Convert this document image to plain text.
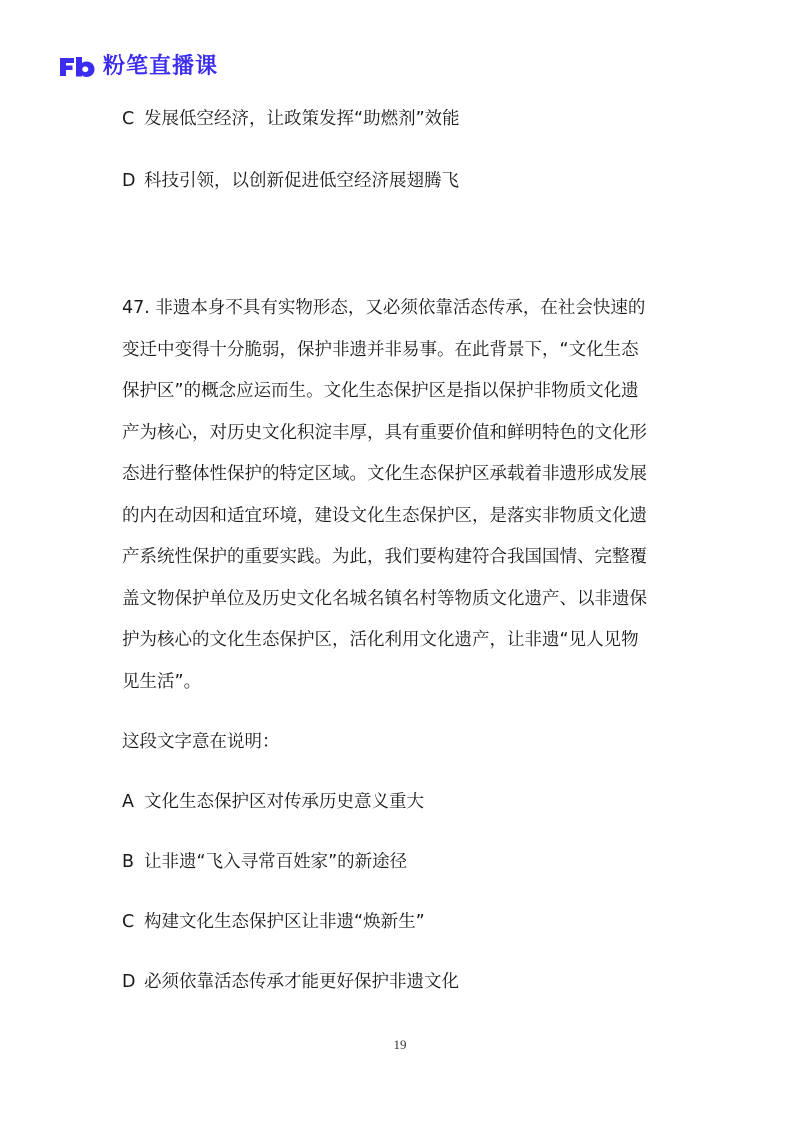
粉笔直播课
C 发展低空经济，让政策发挥“助燃剂”效能
D 科技引领，以创新促进低空经济展翅腾飞
47. 非遗本身不具有实物形态，又必须依靠活态传承，在社会快速的
变迁中变得十分脆弱，保护非遗并非易事。在此背景下，“文化生态
保护区”的概念应运而生。文化生态保护区是指以保护非物质文化遗
产为核心，对历史文化积淀丰厚，具有重要价值和鲜明特色的文化形
态进行整体性保护的特定区域。文化生态保护区承载着非遗形成发展
的内在动因和适宜环境，建设文化生态保护区，是落实非物质文化遗
产系统性保护的重要实践。为此，我们要构建符合我国国情、完整覆
盖文物保护单位及历史文化名城名镇名村等物质文化遗产、以非遗保
护为核心的文化生态保护区，活化利用文化遗产，让非遗“见人见物
见生活”。
这段文字意在说明：
A 文化生态保护区对传承历史意义重大
B 让非遗“飞入寻常百姓家”的新途径
C 构建文化生态保护区让非遗“焕新生”
D 必须依靠活态传承才能更好保护非遗文化
19
